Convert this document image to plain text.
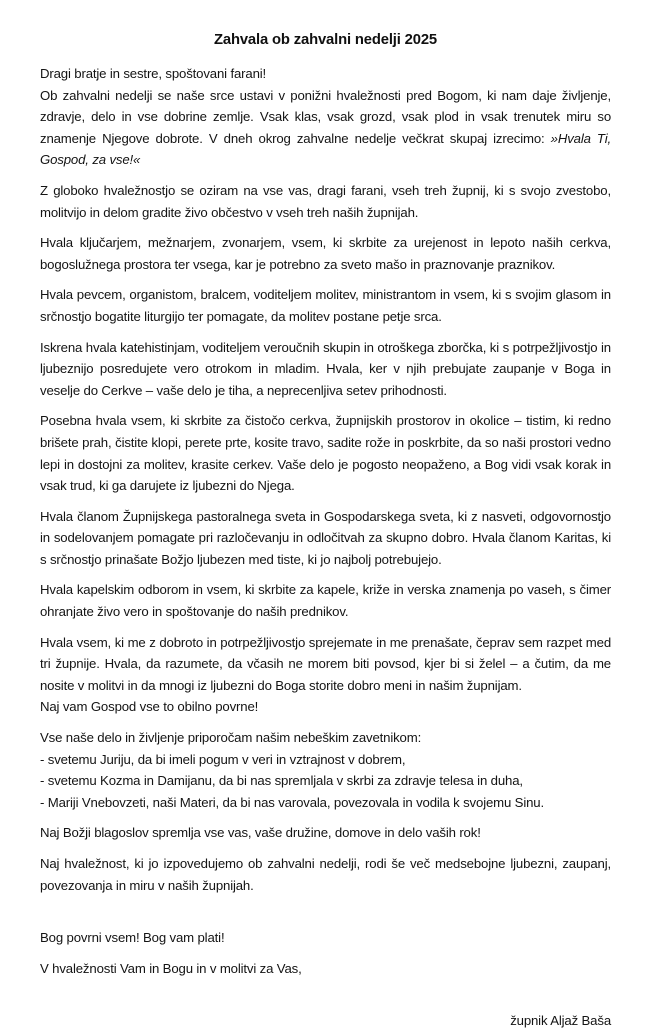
Zahvala ob zahvalni nedelji 2025

Dragi bratje in sestre, spoštovani farani!

Ob zahvalni nedelji se naše srce ustavi v ponižni hvaležnosti pred Bogom, ki nam daje življenje, zdravje, delo in vse dobrine zemlje. Vsak klas, vsak grozd, vsak plod in vsak trenutek miru so znamenje Njegove dobrote. V dneh okrog zahvalne nedelje večkrat skupaj izrecimo: »Hvala Ti, Gospod, za vse!«

Z globoko hvaležnostjo se oziram na vse vas, dragi farani, vseh treh župnij, ki s svojo zvestobo, molitvijo in delom gradite živo občestvo v vseh treh naših župnijah.

Hvala ključarjem, mežnarjem, zvonarjem, vsem, ki skrbite za urejenost in lepoto naših cerkva, bogoslužnega prostora ter vsega, kar je potrebno za sveto mašo in praznovanje praznikov.

Hvala pevcem, organistom, bralcem, voditeljem molitev, ministrantom in vsem, ki s svojim glasom in srčnostjo bogatite liturgijo ter pomagate, da molitev postane petje srca.

Iskrena hvala katehistinjam, voditeljem veroučnih skupin in otroškega zborčka, ki s potrpežljivostjo in ljubeznijo posredujete vero otrokom in mladim. Hvala, ker v njih prebujate zaupanje v Boga in veselje do Cerkve – vaše delo je tiha, a neprecenljiva setev prihodnosti.

Posebna hvala vsem, ki skrbite za čistočo cerkva, župnijskih prostorov in okolice – tistim, ki redno brišete prah, čistite klopi, perete prte, kosite travo, sadite rože in poskrbite, da so naši prostori vedno lepi in dostojni za molitev, krasite cerkev. Vaše delo je pogosto neopaženo, a Bog vidi vsak korak in vsak trud, ki ga darujete iz ljubezni do Njega.

Hvala članom Župnijskega pastoralnega sveta in Gospodarskega sveta, ki z nasveti, odgovornostjo in sodelovanjem pomagate pri razločevanju in odločitvah za skupno dobro. Hvala članom Karitas, ki s srčnostjo prinašate Božjo ljubezen med tiste, ki jo najbolj potrebujejo.

Hvala kapelskim odborom in vsem, ki skrbite za kapele, križe in verska znamenja po vaseh, s čimer ohranjate živo vero in spoštovanje do naših prednikov.

Hvala vsem, ki me z dobroto in potrpežljivostjo sprejemate in me prenašate, čeprav sem razpet med tri župnije. Hvala, da razumete, da včasih ne morem biti povsod, kjer bi si želel – a čutim, da me nosite v molitvi in da mnogi iz ljubezni do Boga storite dobro meni in našim župnijam.

Naj vam Gospod vse to obilno povrne!

Vse naše delo in življenje priporočam našim nebeškim zavetnikom:

- svetemu Juriju, da bi imeli pogum v veri in vztrajnost v dobrem,

- svetemu Kozma in Damijanu, da bi nas spremljala v skrbi za zdravje telesa in duha,

- Mariji Vnebovzeti, naši Materi, da bi nas varovala, povezovala in vodila k svojemu Sinu.

Naj Božji blagoslov spremlja vse vas, vaše družine, domove in delo vaših rok!

Naj hvaležnost, ki jo izpovedujemo ob zahvalni nedelji, rodi še več medsebojne ljubezni, zaupanj, povezovanja in miru v naših župnijah.

Bog povrni vsem! Bog vam plati!

V hvaležnosti Vam in Bogu in v molitvi za Vas,

župnik Aljaž Baša
